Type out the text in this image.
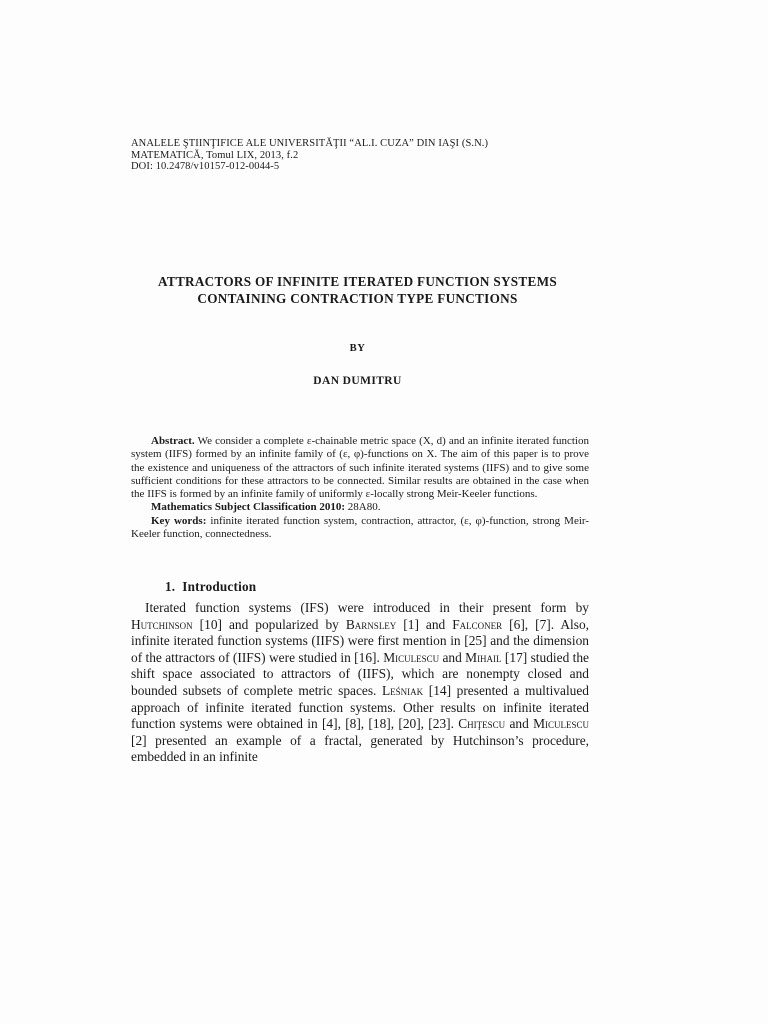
ANALELE ŞTIINŢIFICE ALE UNIVERSITĂŢII “AL.I. CUZA” DIN IAŞI (S.N.)
MATEMATICĂ, Tomul LIX, 2013, f.2
DOI: 10.2478/v10157-012-0044-5
ATTRACTORS OF INFINITE ITERATED FUNCTION SYSTEMS CONTAINING CONTRACTION TYPE FUNCTIONS
BY
DAN DUMITRU

Abstract. We consider a complete ε-chainable metric space (X, d) and an infinite iterated function system (IIFS) formed by an infinite family of (ε, φ)-functions on X. The aim of this paper is to prove the existence and uniqueness of the attractors of such infinite iterated systems (IIFS) and to give some sufficient conditions for these attractors to be connected. Similar results are obtained in the case when the IIFS is formed by an infinite family of uniformly ε-locally strong Meir-Keeler functions.

Mathematics Subject Classification 2010: 28A80.

Key words: infinite iterated function system, contraction, attractor, (ε, φ)-function, strong Meir-Keeler function, connectedness.

1. Introduction

Iterated function systems (IFS) were introduced in their present form by Hutchinson [10] and popularized by Barnsley [1] and Falconer [6], [7]. Also, infinite iterated function systems (IIFS) were first mention in [25] and the dimension of the attractors of (IIFS) were studied in [16]. Miculescu and Mihail [17] studied the shift space associated to attractors of (IIFS), which are nonempty closed and bounded subsets of complete metric spaces. Leśniak [14] presented a multivalued approach of infinite iterated function systems. Other results on infinite iterated function systems were obtained in [4], [8], [18], [20], [23]. Chiţescu and Miculescu [2] presented an example of a fractal, generated by Hutchinson’s procedure, embedded in an infinite
